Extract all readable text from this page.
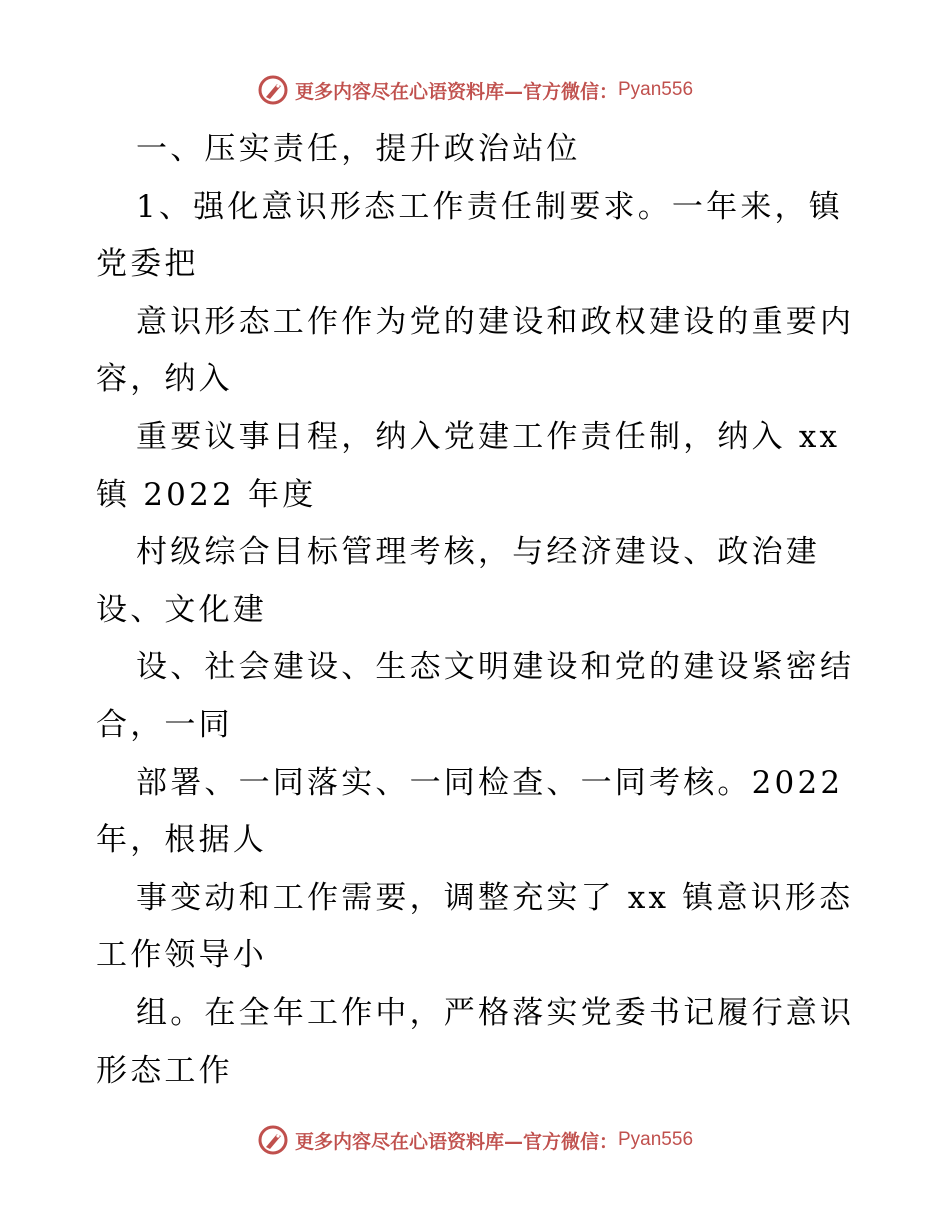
更多内容尽在心语资料库—官方微信： Pyan556
一、压实责任，提升政治站位
1、强化意识形态工作责任制要求。一年来，镇
党委把
意识形态工作作为党的建设和政权建设的重要内
容，纳入
重要议事日程，纳入党建工作责任制，纳入 xx
镇 2022 年度
村级综合目标管理考核，与经济建设、政治建
设、文化建
设、社会建设、生态文明建设和党的建设紧密结
合，一同
部署、一同落实、一同检查、一同考核。2022
年，根据人
事变动和工作需要，调整充实了 xx 镇意识形态
工作领导小
组。在全年工作中，严格落实党委书记履行意识
形态工作
更多内容尽在心语资料库—官方微信： Pyan556
